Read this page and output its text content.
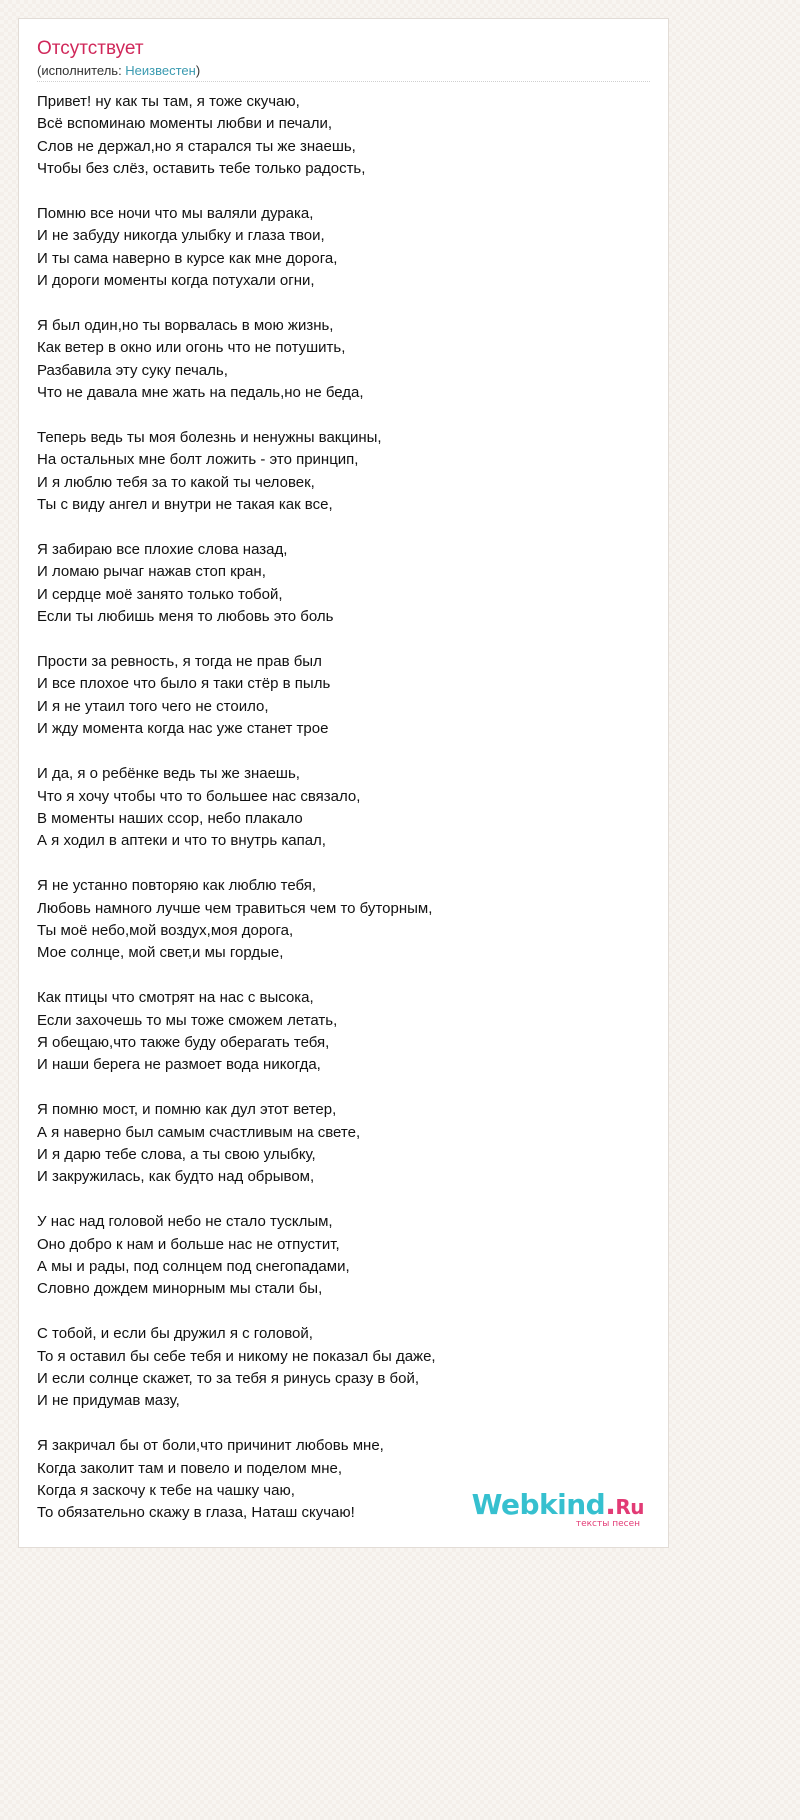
Отсутствует
(исполнитель: Неизвестен)
Привет! ну как ты там, я тоже скучаю,
Всё вспоминаю моменты любви и печали,
Слов не держал,но я старался ты же знаешь,
Чтобы без слёз, оставить тебе только радость,
Помню все ночи что мы валяли дурака,
И не забуду никогда улыбку и глаза твои,
И ты сама наверно в курсе как мне дорога,
И дороги моменты когда потухали огни,
Я был один,но ты ворвалась в мою жизнь,
Как ветер в окно или огонь что не потушить,
Разбавила эту суку печаль,
Что не давала мне жать на педаль,но не беда,
Теперь ведь ты моя болезнь и ненужны вакцины,
На остальных мне болт ложить - это принцип,
И я люблю тебя за то какой ты человек,
Ты с виду ангел и внутри не такая как все,
Я забираю все плохие слова назад,
И ломаю рычаг нажав стоп кран,
И сердце моё занято только тобой,
Если ты любишь меня то любовь это боль
Прости за ревность, я тогда не прав был
И все плохое что было я таки стёр в пыль
И я не утаил того чего не стоило,
И жду момента когда нас уже станет трое
И да, я о ребёнке ведь ты же знаешь,
Что я хочу чтобы что то большее нас связало,
В моменты наших ссор, небо плакало
А я ходил в аптеки и что то внутрь капал,
Я не устанно повторяю как люблю тебя,
Любовь намного лучше чем травиться чем то буторным,
Ты моё небо,мой воздух,моя дорога,
Мое солнце, мой свет,и мы гордые,
Как птицы что смотрят на нас с высока,
Если захочешь то мы тоже сможем летать,
Я обещаю,что также буду оберагать тебя,
И наши берега не размоет вода никогда,
Я помню мост, и помню как дул этот ветер,
А я наверно был самым счастливым на свете,
И я дарю тебе слова, а ты свою улыбку,
И закружилась, как будто над обрывом,
У нас над головой небо не стало тусклым,
Оно добро к нам и больше нас не отпустит,
А мы и рады, под солнцем под снегопадами,
Словно дождем минорным мы стали бы,
С тобой, и если бы дружил я с головой,
То я оставил бы себе тебя и никому не показал бы даже,
И если солнце скажет, то за тебя я ринусь сразу в бой,
И не придумав мазу,
Я закричал бы от боли,что причинит любовь мне,
Когда заколит там и повело и поделом мне,
Когда я заскочу к тебе на чашку чаю,
То обязательно скажу в глаза, Наташ скучаю!	Webkind.Ru
тексты песен
